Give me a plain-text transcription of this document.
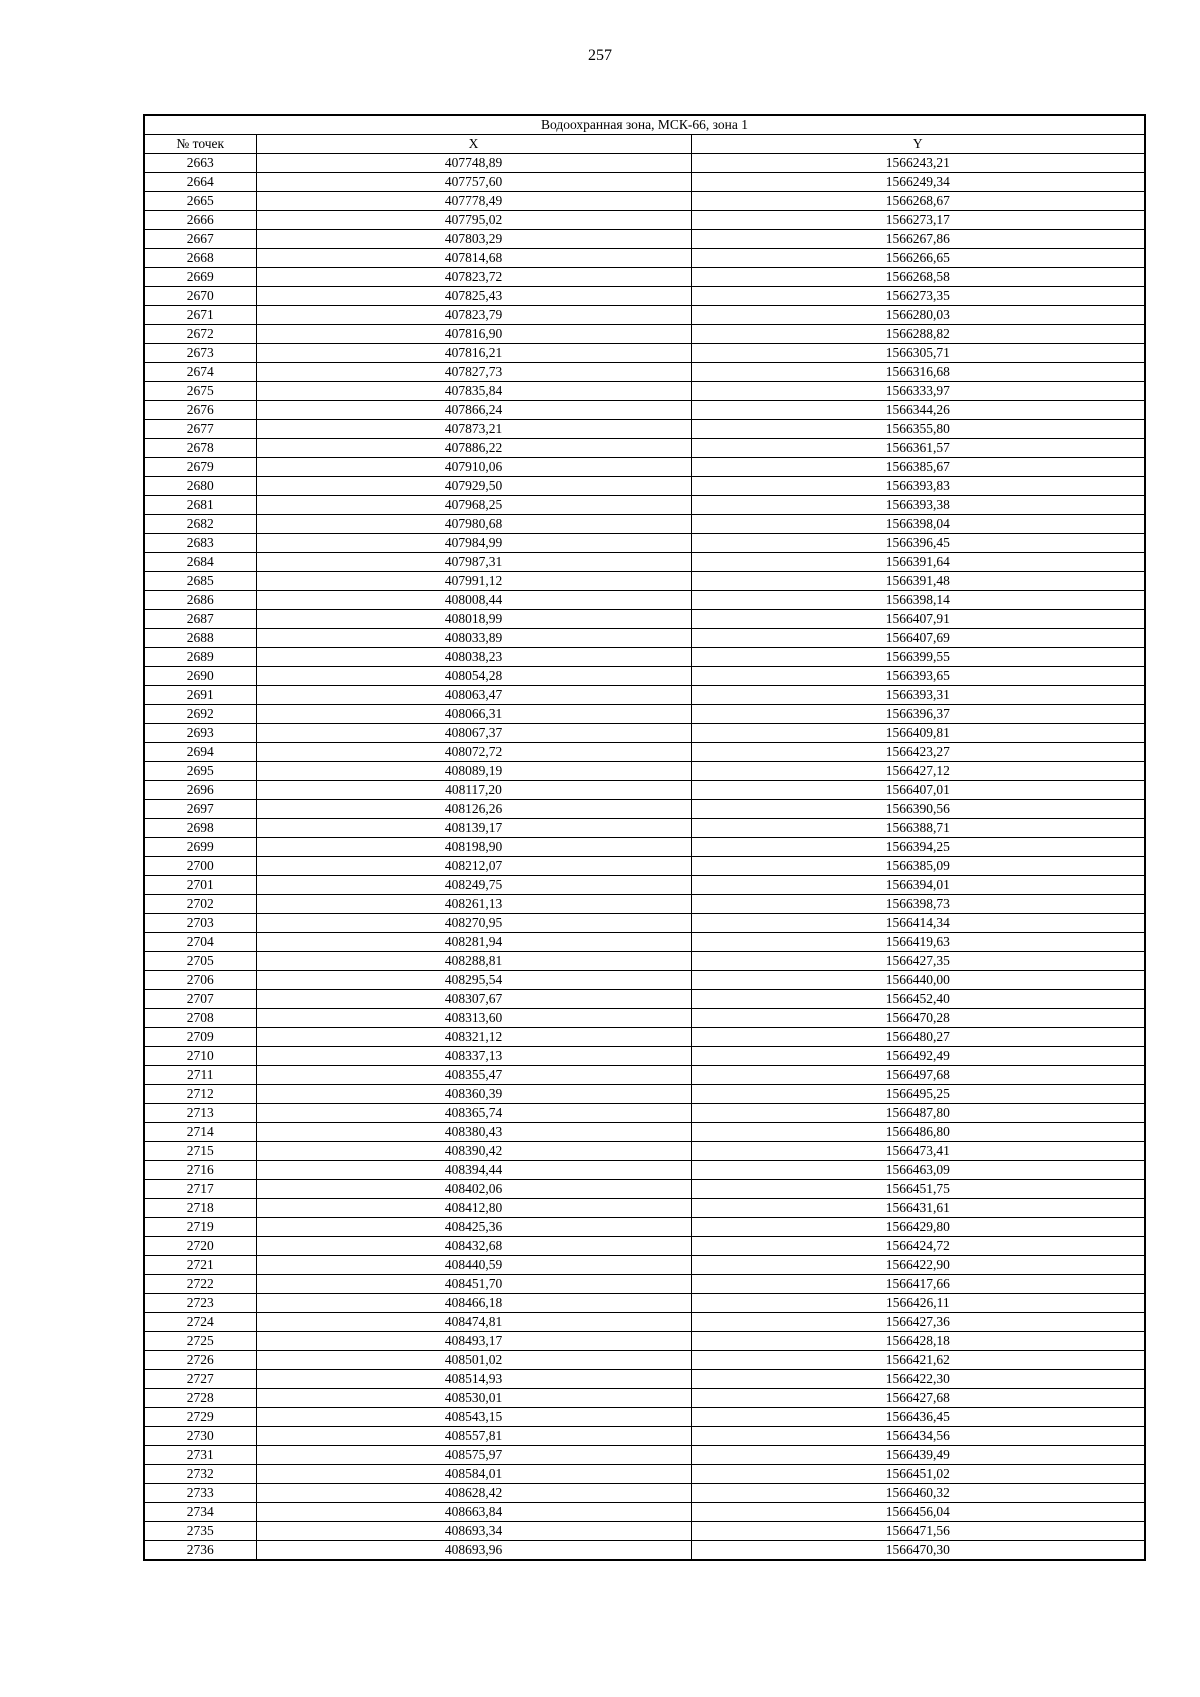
257
Водоохранная зона, МСК-66, зона 1		
№ точек	X	Y
2663	407748,89	1566243,21
2664	407757,60	1566249,34
2665	407778,49	1566268,67
2666	407795,02	1566273,17
2667	407803,29	1566267,86
2668	407814,68	1566266,65
2669	407823,72	1566268,58
2670	407825,43	1566273,35
2671	407823,79	1566280,03
2672	407816,90	1566288,82
2673	407816,21	1566305,71
2674	407827,73	1566316,68
2675	407835,84	1566333,97
2676	407866,24	1566344,26
2677	407873,21	1566355,80
2678	407886,22	1566361,57
2679	407910,06	1566385,67
2680	407929,50	1566393,83
2681	407968,25	1566393,38
2682	407980,68	1566398,04
2683	407984,99	1566396,45
2684	407987,31	1566391,64
2685	407991,12	1566391,48
2686	408008,44	1566398,14
2687	408018,99	1566407,91
2688	408033,89	1566407,69
2689	408038,23	1566399,55
2690	408054,28	1566393,65
2691	408063,47	1566393,31
2692	408066,31	1566396,37
2693	408067,37	1566409,81
2694	408072,72	1566423,27
2695	408089,19	1566427,12
2696	408117,20	1566407,01
2697	408126,26	1566390,56
2698	408139,17	1566388,71
2699	408198,90	1566394,25
2700	408212,07	1566385,09
2701	408249,75	1566394,01
2702	408261,13	1566398,73
2703	408270,95	1566414,34
2704	408281,94	1566419,63
2705	408288,81	1566427,35
2706	408295,54	1566440,00
2707	408307,67	1566452,40
2708	408313,60	1566470,28
2709	408321,12	1566480,27
2710	408337,13	1566492,49
2711	408355,47	1566497,68
2712	408360,39	1566495,25
2713	408365,74	1566487,80
2714	408380,43	1566486,80
2715	408390,42	1566473,41
2716	408394,44	1566463,09
2717	408402,06	1566451,75
2718	408412,80	1566431,61
2719	408425,36	1566429,80
2720	408432,68	1566424,72
2721	408440,59	1566422,90
2722	408451,70	1566417,66
2723	408466,18	1566426,11
2724	408474,81	1566427,36
2725	408493,17	1566428,18
2726	408501,02	1566421,62
2727	408514,93	1566422,30
2728	408530,01	1566427,68
2729	408543,15	1566436,45
2730	408557,81	1566434,56
2731	408575,97	1566439,49
2732	408584,01	1566451,02
2733	408628,42	1566460,32
2734	408663,84	1566456,04
2735	408693,34	1566471,56
2736	408693,96	1566470,30
